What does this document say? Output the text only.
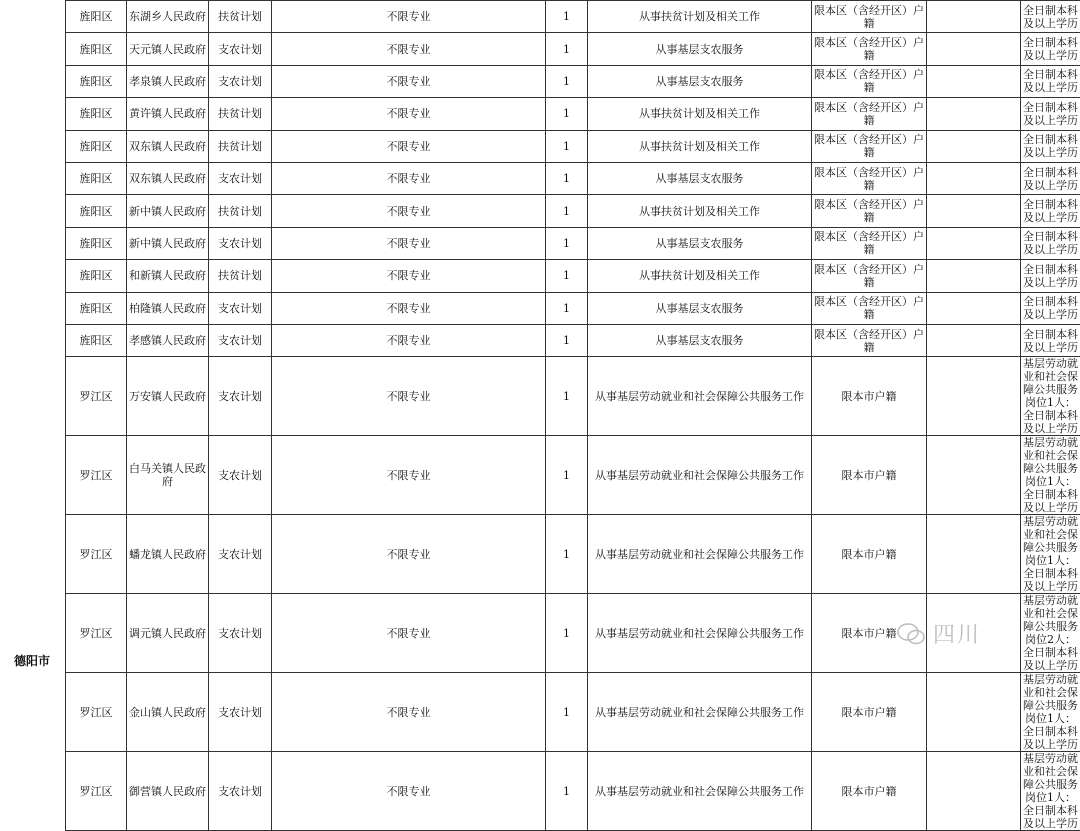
旌阳区	东湖乡人民政府	扶贫计划	不限专业	1	从事扶贫计划及相关工作	限本区（含经开区）户籍		全日制本科及以上学历
旌阳区	天元镇人民政府	支农计划	不限专业	1	从事基层支农服务	限本区（含经开区）户籍		全日制本科及以上学历
旌阳区	孝泉镇人民政府	支农计划	不限专业	1	从事基层支农服务	限本区（含经开区）户籍		全日制本科及以上学历
旌阳区	黄许镇人民政府	扶贫计划	不限专业	1	从事扶贫计划及相关工作	限本区（含经开区）户籍		全日制本科及以上学历
旌阳区	双东镇人民政府	扶贫计划	不限专业	1	从事扶贫计划及相关工作	限本区（含经开区）户籍		全日制本科及以上学历
旌阳区	双东镇人民政府	支农计划	不限专业	1	从事基层支农服务	限本区（含经开区）户籍		全日制本科及以上学历
旌阳区	新中镇人民政府	扶贫计划	不限专业	1	从事扶贫计划及相关工作	限本区（含经开区）户籍		全日制本科及以上学历
旌阳区	新中镇人民政府	支农计划	不限专业	1	从事基层支农服务	限本区（含经开区）户籍		全日制本科及以上学历
旌阳区	和新镇人民政府	扶贫计划	不限专业	1	从事扶贫计划及相关工作	限本区（含经开区）户籍		全日制本科及以上学历
旌阳区	柏隆镇人民政府	支农计划	不限专业	1	从事基层支农服务	限本区（含经开区）户籍		全日制本科及以上学历
旌阳区	孝感镇人民政府	支农计划	不限专业	1	从事基层支农服务	限本区（含经开区）户籍		全日制本科及以上学历
罗江区	万安镇人民政府	支农计划	不限专业	1	从事基层劳动就业和社会保障公共服务工作	限本市户籍		基层劳动就业和社会保障公共服务岗位1人：全日制本科及以上学历
罗江区	白马关镇人民政府	支农计划	不限专业	1	从事基层劳动就业和社会保障公共服务工作	限本市户籍		基层劳动就业和社会保障公共服务岗位1人：全日制本科及以上学历
罗江区	蟠龙镇人民政府	支农计划	不限专业	1	从事基层劳动就业和社会保障公共服务工作	限本市户籍		基层劳动就业和社会保障公共服务岗位1人：全日制本科及以上学历
罗江区	调元镇人民政府	支农计划	不限专业	1	从事基层劳动就业和社会保障公共服务工作	限本市户籍		基层劳动就业和社会保障公共服务岗位2人：全日制本科及以上学历
罗江区	金山镇人民政府	支农计划	不限专业	1	从事基层劳动就业和社会保障公共服务工作	限本市户籍		基层劳动就业和社会保障公共服务岗位1人：全日制本科及以上学历
罗江区	御营镇人民政府	支农计划	不限专业	1	从事基层劳动就业和社会保障公共服务工作	限本市户籍		基层劳动就业和社会保障公共服务岗位1人：全日制本科及以上学历
德阳市
四川
